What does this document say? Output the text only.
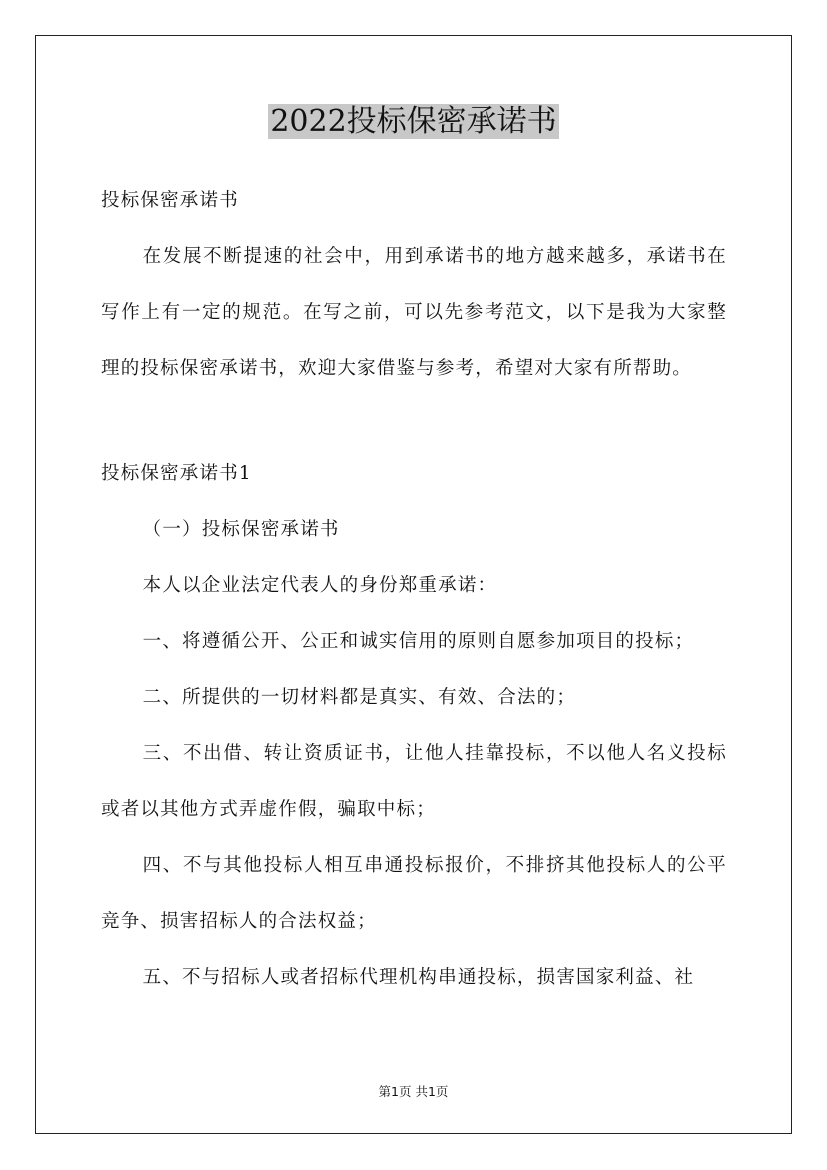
2022投标保密承诺书

投标保密承诺书

在发展不断提速的社会中，用到承诺书的地方越来越多，承诺书在写作上有一定的规范。在写之前，可以先参考范文，以下是我为大家整理的投标保密承诺书，欢迎大家借鉴与参考，希望对大家有所帮助。

投标保密承诺书1

（一）投标保密承诺书

本人以企业法定代表人的身份郑重承诺：

一、将遵循公开、公正和诚实信用的原则自愿参加项目的投标；

二、所提供的一切材料都是真实、有效、合法的；

三、不出借、转让资质证书，让他人挂靠投标，不以他人名义投标或者以其他方式弄虚作假，骗取中标；

四、不与其他投标人相互串通投标报价，不排挤其他投标人的公平竞争、损害招标人的合法权益；

五、不与招标人或者招标代理机构串通投标，损害国家利益、社

第1页 共1页
